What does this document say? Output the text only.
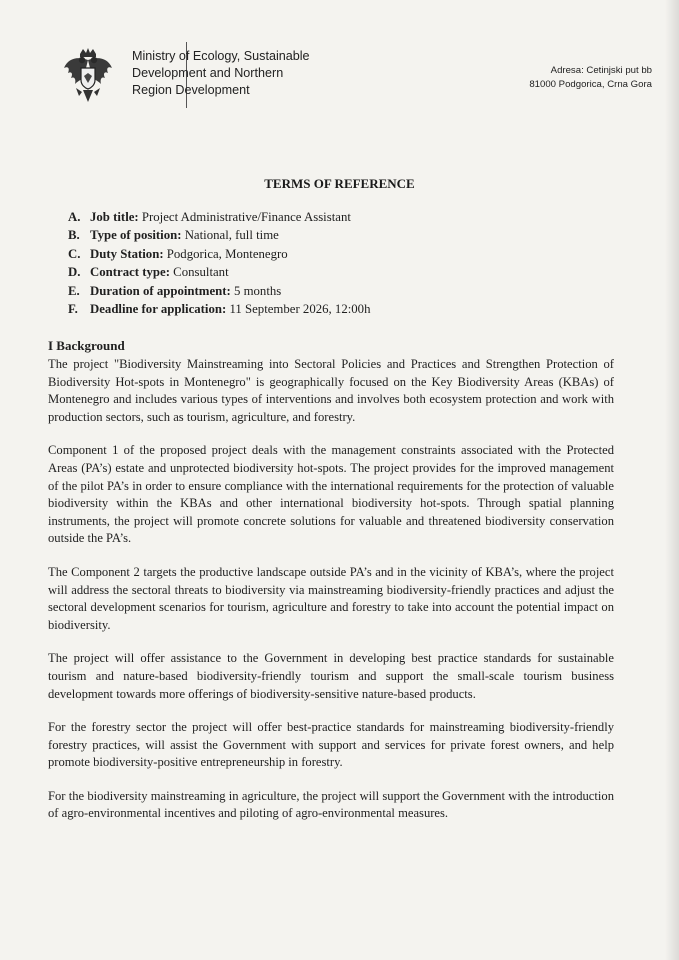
Ministry of Ecology, Sustainable
Development and Northern
Region Development
Adresa: Cetinjski put bb
81000 Podgorica, Crna Gora
TERMS OF REFERENCE
A. Job title: Project Administrative/Finance Assistant
B. Type of position: National, full time
C. Duty Station: Podgorica, Montenegro
D. Contract type: Consultant
E. Duration of appointment: 5 months
F. Deadline for application: 11 September 2026, 12:00h
I Background

The project "Biodiversity Mainstreaming into Sectoral Policies and Practices and Strengthen Protection of Biodiversity Hot-spots in Montenegro" is geographically focused on the Key Biodiversity Areas (KBAs) of Montenegro and includes various types of interventions and involves both ecosystem protection and work with production sectors, such as tourism, agriculture, and forestry.

Component 1 of the proposed project deals with the management constraints associated with the Protected Areas (PA’s) estate and unprotected biodiversity hot-spots. The project provides for the improved management of the pilot PA’s in order to ensure compliance with the international requirements for the protection of valuable biodiversity within the KBAs and other international biodiversity hot-spots. Through spatial planning instruments, the project will promote concrete solutions for valuable and threatened biodiversity conservation outside the PA’s.

The Component 2 targets the productive landscape outside PA’s and in the vicinity of KBA’s, where the project will address the sectoral threats to biodiversity via mainstreaming biodiversity-friendly practices and adjust the sectoral development scenarios for tourism, agriculture and forestry to take into account the potential impact on biodiversity.

The project will offer assistance to the Government in developing best practice standards for sustainable tourism and nature-based biodiversity-friendly tourism and support the small-scale tourism business development towards more offerings of biodiversity-sensitive nature-based products.

For the forestry sector the project will offer best-practice standards for mainstreaming biodiversity-friendly forestry practices, will assist the Government with support and services for private forest owners, and help promote biodiversity-positive entrepreneurship in forestry.

For the biodiversity mainstreaming in agriculture, the project will support the Government with the introduction of agro-environmental incentives and piloting of agro-environmental measures.
